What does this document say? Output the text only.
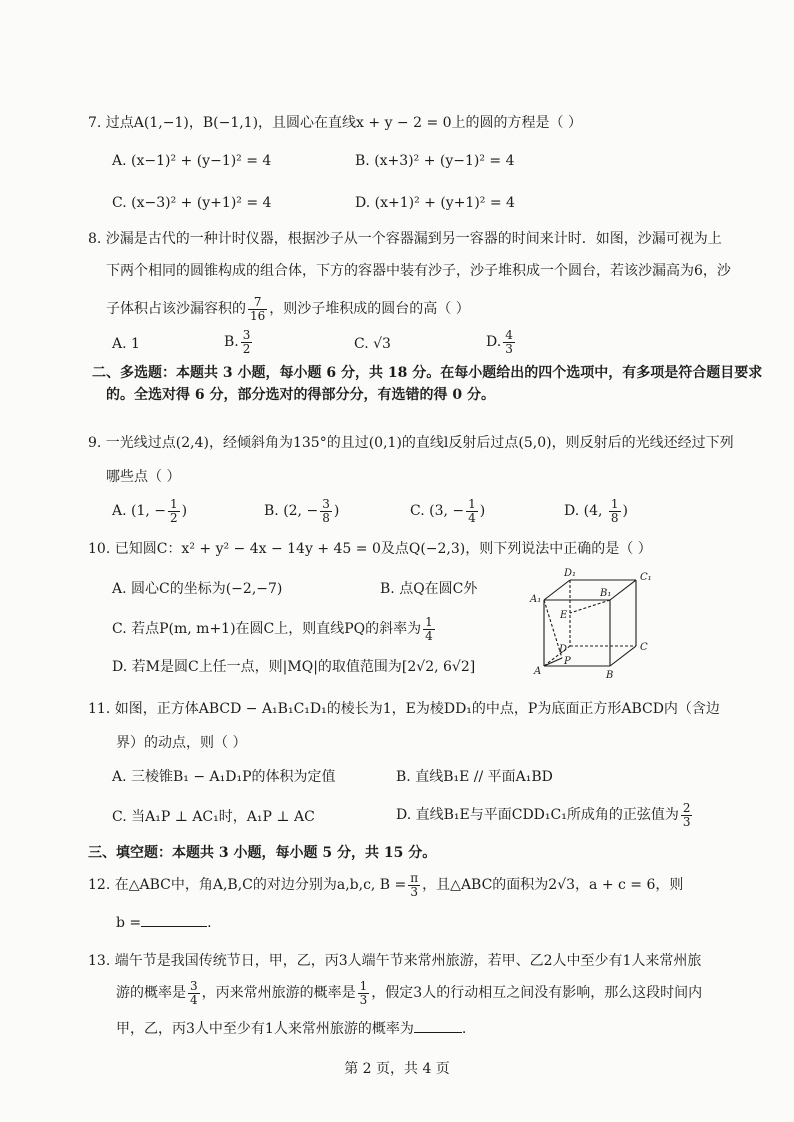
7. 过点A(1,−1)，B(−1,1)，且圆心在直线x + y − 2 = 0上的圆的方程是（ ）
A. (x−1)² + (y−1)² = 4	B. (x+3)² + (y−1)² = 4
C. (x−3)² + (y+1)² = 4	D. (x+1)² + (y+1)² = 4
8. 沙漏是古代的一种计时仪器，根据沙子从一个容器漏到另一容器的时间来计时．如图，沙漏可视为上
下两个相同的圆锥构成的组合体，下方的容器中装有沙子，沙子堆积成一个圆台，若该沙漏高为6，沙
子体积占该沙漏容积的 $\frac{7}{16}$ ，则沙子堆积成的圆台的高（ ）
A. 1	B. $\frac{3}{2}$	C. √3	D. $\frac{4}{3}$
二、多选题：本题共 3 小题，每小题 6 分，共 18 分。在每小题给出的四个选项中，有多项是符合题目要求
的。全选对得 6 分，部分选对的得部分分，有选错的得 0 分。
9. 一光线过点(2,4)，经倾斜角为135°的且过(0,1)的直线l反射后过点(5,0)，则反射后的光线还经过下列
哪些点（ ）
A. (1, − $\frac{1}{2}$ )	B. (2, − $\frac{3}{8}$ )	C. (3, − $\frac{1}{4}$ )	D. (4, $\frac{1}{8}$ )
10. 已知圆C：x² + y² − 4x − 14y + 45 = 0及点Q(−2,3)，则下列说法中正确的是（ ）
A. 圆心C的坐标为(−2,−7)	B. 点Q在圆C外
C. 若点P(m, m+1)在圆C上，则直线PQ的斜率为 $\frac{1}{4}$
D. 若M是圆C上任一点，则|MQ|的取值范围为[2√2, 6√2]
A₁
D₁	C₁
B₁
E
D
P
C
A	B
11. 如图，正方体ABCD − A₁B₁C₁D₁的棱长为1，E为棱DD₁的中点，P为底面正方形ABCD内（含边
界）的动点，则（ ）
A. 三棱锥B₁ − A₁D₁P的体积为定值	B. 直线B₁E // 平面A₁BD
C. 当A₁P ⊥ AC₁时，A₁P ⊥ AC	D. 直线B₁E与平面CDD₁C₁所成角的正弦值为 $\frac{2}{3}$
三、填空题：本题共 3 小题，每小题 5 分，共 15 分。
12. 在△ABC中，角A,B,C的对边分别为a,b,c, $B = \frac{\pi}{3}$ ，且△ABC的面积为2√3，a + c = 6，则
b =	.
13. 端午节是我国传统节日，甲，乙，丙3人端午节来常州旅游，若甲、乙2人中至少有1人来常州旅
游的概率是 $\frac{3}{4}$ ，丙来常州旅游的概率是 $\frac{1}{3}$ ，假定3人的行动相互之间没有影响，那么这段时间内
甲，乙，丙3人中至少有1人来常州旅游的概率为	.
第 2 页，共 4 页
